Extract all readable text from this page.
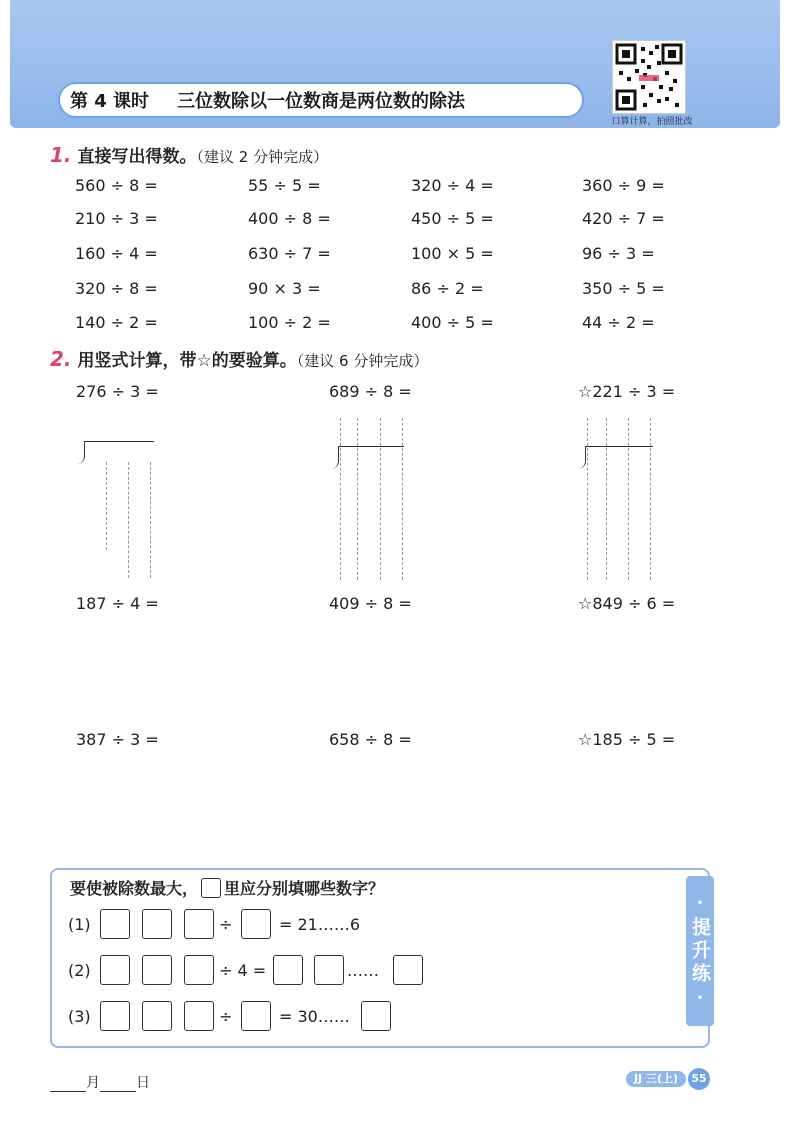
第 4 课时 三位数除以一位数商是两位数的除法
口算计算，拍照批改
1. 直接写出得数。（建议 2 分钟完成）
560 ÷ 8 =	55 ÷ 5 =	320 ÷ 4 =	360 ÷ 9 =
210 ÷ 3 =	400 ÷ 8 =	450 ÷ 5 =	420 ÷ 7 =
160 ÷ 4 =	630 ÷ 7 =	100 × 5 =	96 ÷ 3 =
320 ÷ 8 =	90 × 3 =	86 ÷ 2 =	350 ÷ 5 =
140 ÷ 2 =	100 ÷ 2 =	400 ÷ 5 =	44 ÷ 2 =
2. 用竖式计算，带☆的要验算。（建议 6 分钟完成）
276 ÷ 3 =	689 ÷ 8 =	☆221 ÷ 3 =
187 ÷ 4 =	409 ÷ 8 =	☆849 ÷ 6 =
387 ÷ 3 =	658 ÷ 8 =	☆185 ÷ 5 =
•
提升练
•
要使被除数最大， 里应分别填哪些数字？
(1)	÷	= 21……6
(2)	÷ 4 =	……
(3)	÷	= 30……
月	日	JJ 三(上)	55
